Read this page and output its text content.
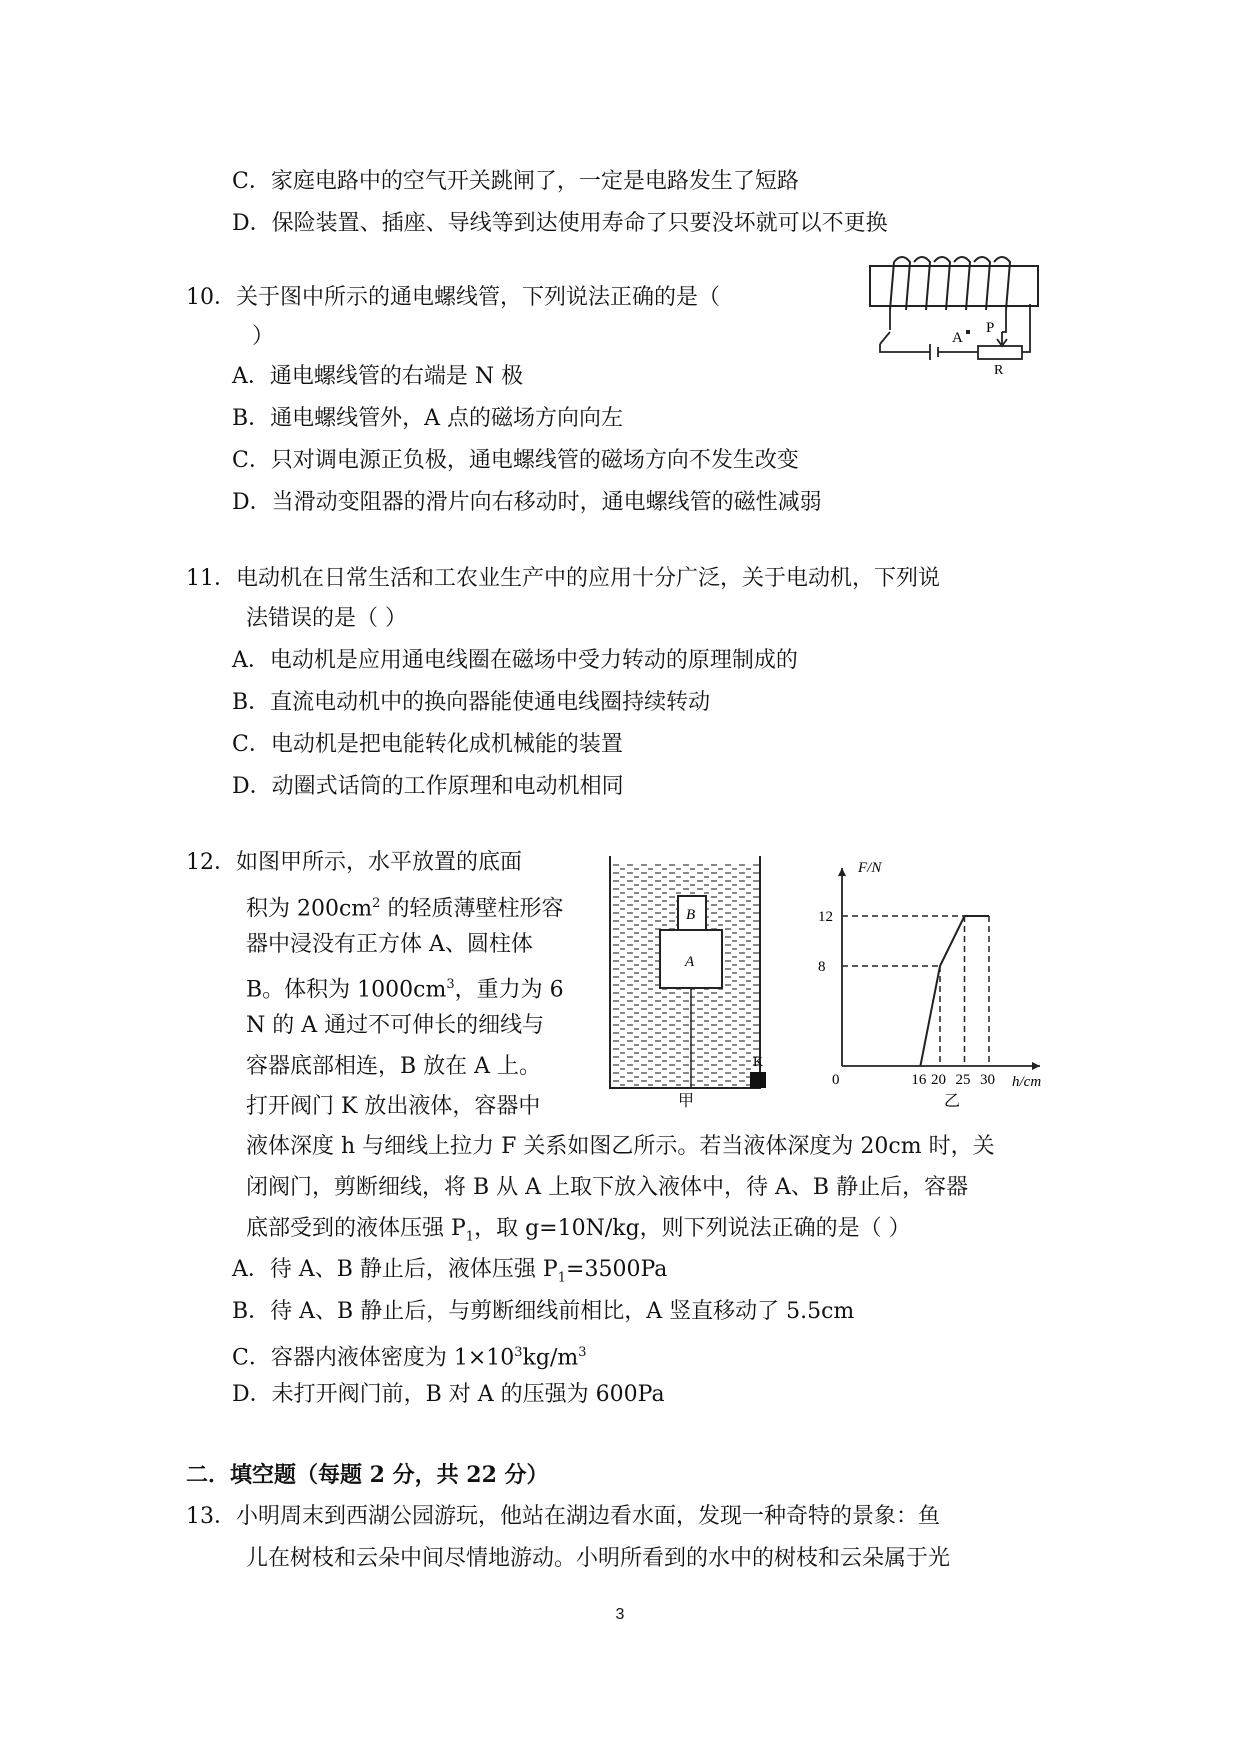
C．家庭电路中的空气开关跳闸了，一定是电路发生了短路
D．保险装置、插座、导线等到达使用寿命了只要没坏就可以不更换
10．关于图中所示的通电螺线管，下列说法正确的是（
）
A．通电螺线管的右端是 N 极
B．通电螺线管外，A 点的磁场方向向左
C．只对调电源正负极，通电螺线管的磁场方向不发生改变
D．当滑动变阻器的滑片向右移动时，通电螺线管的磁性减弱
A
P
R
11．电动机在日常生活和工农业生产中的应用十分广泛，关于电动机，下列说
法错误的是（ ）
A．电动机是应用通电线圈在磁场中受力转动的原理制成的
B．直流电动机中的换向器能使通电线圈持续转动
C．电动机是把电能转化成机械能的装置
D．动圈式话筒的工作原理和电动机相同
12．如图甲所示，水平放置的底面
积为 $200cm^2$ 的轻质薄壁柱形容
器中浸没有正方体 A、圆柱体
B。体积为 $1000cm^3$，重力为 6
N 的 A 通过不可伸长的细线与
容器底部相连，B 放在 A 上。
打开阀门 K 放出液体，容器中
液体深度 h 与细线上拉力 F 关系如图乙所示。若当液体深度为 20cm 时，关
闭阀门，剪断细线，将 B 从 A 上取下放入液体中，待 A、B 静止后，容器
底部受到的液体压强 $P_1$，取 g=10N/kg，则下列说法正确的是（ ）
A．待 A、B 静止后，液体压强 $P_1=3500Pa$
B．待 A、B 静止后，与剪断细线前相比，A 竖直移动了 5.5cm
C．容器内液体密度为 $1\times 10^3kg/m^3$
D．未打开阀门前，B 对 A 的压强为 600Pa
B
A
K
甲
16 20 25 30
12
8
F/N
h/cm
0
乙
二．填空题（每题 2 分，共 22 分）
13．小明周末到西湖公园游玩，他站在湖边看水面，发现一种奇特的景象：鱼
儿在树枝和云朵中间尽情地游动。小明所看到的水中的树枝和云朵属于光
3
